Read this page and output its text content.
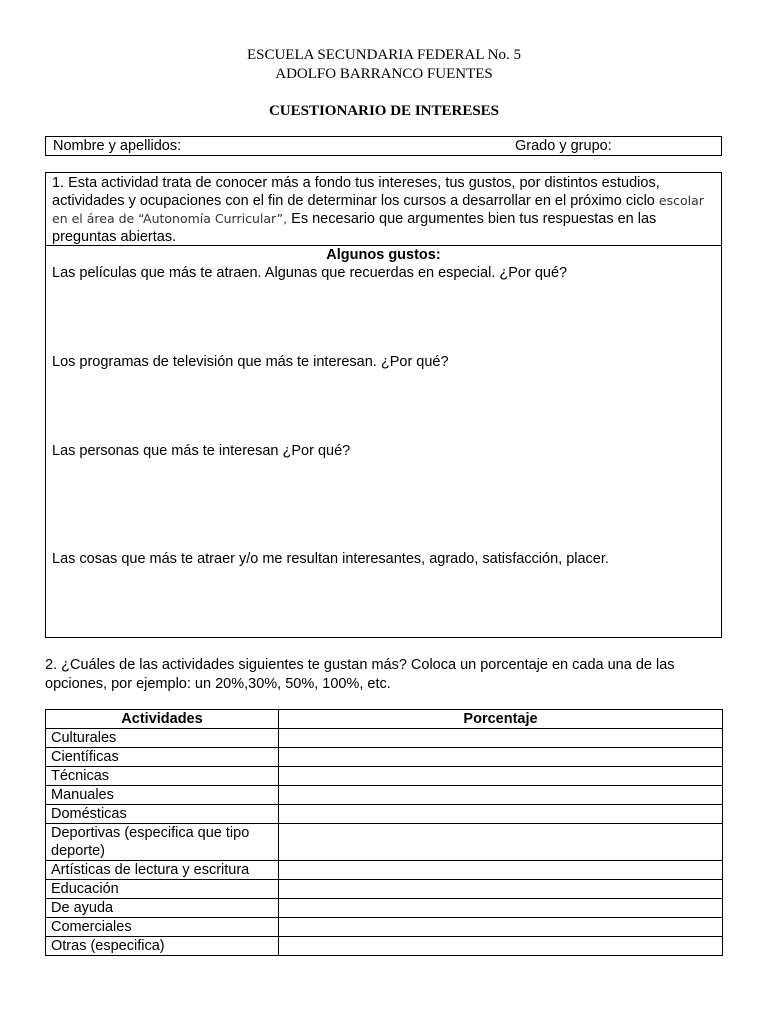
ESCUELA SECUNDARIA FEDERAL No. 5
ADOLFO BARRANCO FUENTES
CUESTIONARIO DE INTERESES
Nombre y apellidos:	Grado y grupo:
1. Esta actividad trata de conocer más a fondo tus intereses, tus gustos, por distintos estudios, actividades y ocupaciones con el fin de determinar los cursos a desarrollar en el próximo ciclo escolar en el área de “Autonomía Curricular”, Es necesario que argumentes bien tus respuestas en las preguntas abiertas.
Algunos gustos:
Las películas que más te atraen. Algunas que recuerdas en especial. ¿Por qué?
Los programas de televisión que más te interesan. ¿Por qué?
Las personas que más te interesan ¿Por qué?
Las cosas que más te atraer y/o me resultan interesantes, agrado, satisfacción, placer.
2. ¿Cuáles de las actividades siguientes te gustan más? Coloca un porcentaje en cada una de las opciones, por ejemplo: un 20%,30%, 50%, 100%, etc.
Actividades	Porcentaje
Culturales	
Científicas	
Técnicas	
Manuales	
Domésticas	
Deportivas (especifica que tipo deporte)	
Artísticas de lectura y escritura	
Educación	
De ayuda	
Comerciales	
Otras (especifica)	
